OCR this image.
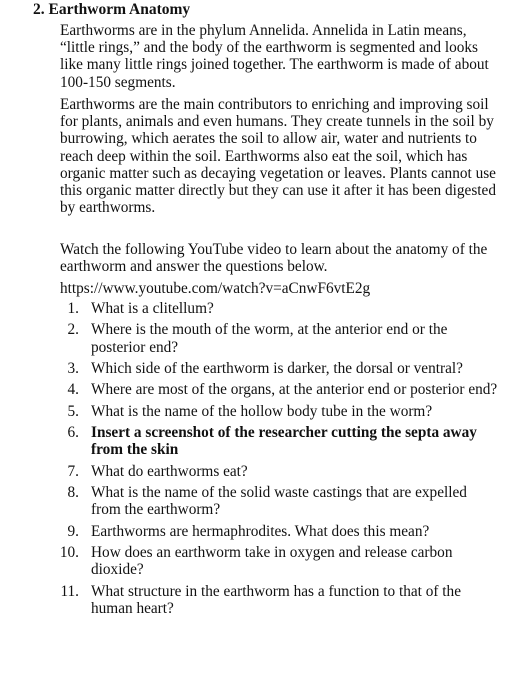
2. Earthworm Anatomy

Earthworms are in the phylum Annelida. Annelida in Latin means, “little rings,” and the body of the earthworm is segmented and looks like many little rings joined together. The earthworm is made of about 100-150 segments.

Earthworms are the main contributors to enriching and improving soil for plants, animals and even humans. They create tunnels in the soil by burrowing, which aerates the soil to allow air, water and nutrients to reach deep within the soil. Earthworms also eat the soil, which has organic matter such as decaying vegetation or leaves. Plants cannot use this organic matter directly but they can use it after it has been digested by earthworms.

Watch the following YouTube video to learn about the anatomy of the earthworm and answer the questions below.

https://www.youtube.com/watch?v=aCnwF6vtE2g

1. What is a clitellum?
2. Where is the mouth of the worm, at the anterior end or the posterior end?
3. Which side of the earthworm is darker, the dorsal or ventral?
4. Where are most of the organs, at the anterior end or posterior end?
5. What is the name of the hollow body tube in the worm?
6. Insert a screenshot of the researcher cutting the septa away from the skin
7. What do earthworms eat?
8. What is the name of the solid waste castings that are expelled from the earthworm?
9. Earthworms are hermaphrodites. What does this mean?
10. How does an earthworm take in oxygen and release carbon dioxide?
11. What structure in the earthworm has a function to that of the human heart?
